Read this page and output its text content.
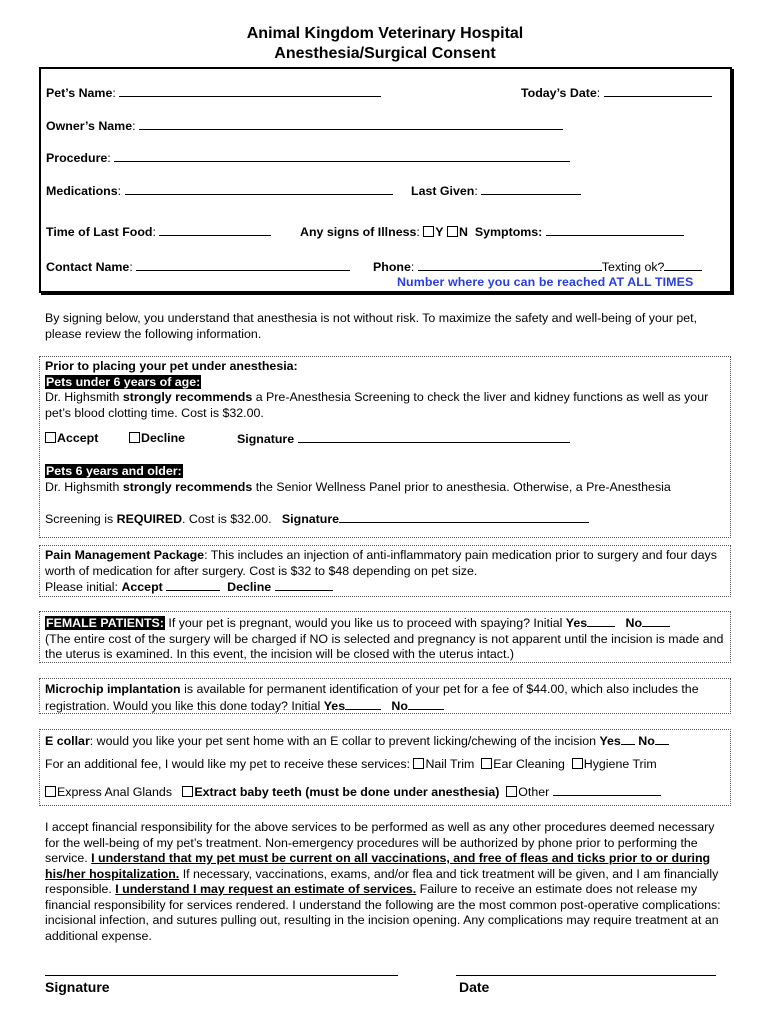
Animal Kingdom Veterinary Hospital
Anesthesia/Surgical Consent
Pet’s Name:	Today’s Date:
Owner’s Name:
Procedure:
Medications:	Last Given:
Time of Last Food:	Any signs of Illness: Y N Symptoms:
Contact Name:	Phone:	Texting ok?
Number where you can be reached AT ALL TIMES
By signing below, you understand that anesthesia is not without risk. To maximize the safety and well-being of your pet, please review the following information.
Prior to placing your pet under anesthesia:
Pets under 6 years of age:
Dr. Highsmith strongly recommends a Pre-Anesthesia Screening to check the liver and kidney functions as well as your pet’s blood clotting time. Cost is $32.00.
Accept	Decline	Signature
Pets 6 years and older:
Dr. Highsmith strongly recommends the Senior Wellness Panel prior to anesthesia. Otherwise, a Pre-Anesthesia
Screening is REQUIRED. Cost is $32.00. Signature
Pain Management Package: This includes an injection of anti-inflammatory pain medication prior to surgery and four days worth of medication for after surgery. Cost is $32 to $48 depending on pet size.
Please initial: Accept	Decline
FEMALE PATIENTS: If your pet is pregnant, would you like us to proceed with spaying? Initial Yes	No
(The entire cost of the surgery will be charged if NO is selected and pregnancy is not apparent until the incision is made and the uterus is examined. In this event, the incision will be closed with the uterus intact.)
Microchip implantation is available for permanent identification of your pet for a fee of $44.00, which also includes the registration. Would you like this done today? Initial Yes	No
E collar: would you like your pet sent home with an E collar to prevent licking/chewing of the incision Yes No
For an additional fee, I would like my pet to receive these services: Nail Trim Ear Cleaning Hygiene Trim
Express Anal Glands Extract baby teeth (must be done under anesthesia) Other
I accept financial responsibility for the above services to be performed as well as any other procedures deemed necessary for the well-being of my pet’s treatment. Non-emergency procedures will be authorized by phone prior to performing the service. I understand that my pet must be current on all vaccinations, and free of fleas and ticks prior to or during his/her hospitalization. If necessary, vaccinations, exams, and/or flea and tick treatment will be given, and I am financially responsible. I understand I may request an estimate of services. Failure to receive an estimate does not release my financial responsibility for services rendered. I understand the following are the most common post-operative complications: incisional infection, and sutures pulling out, resulting in the incision opening. Any complications may require treatment at an additional expense.
Signature	Date
